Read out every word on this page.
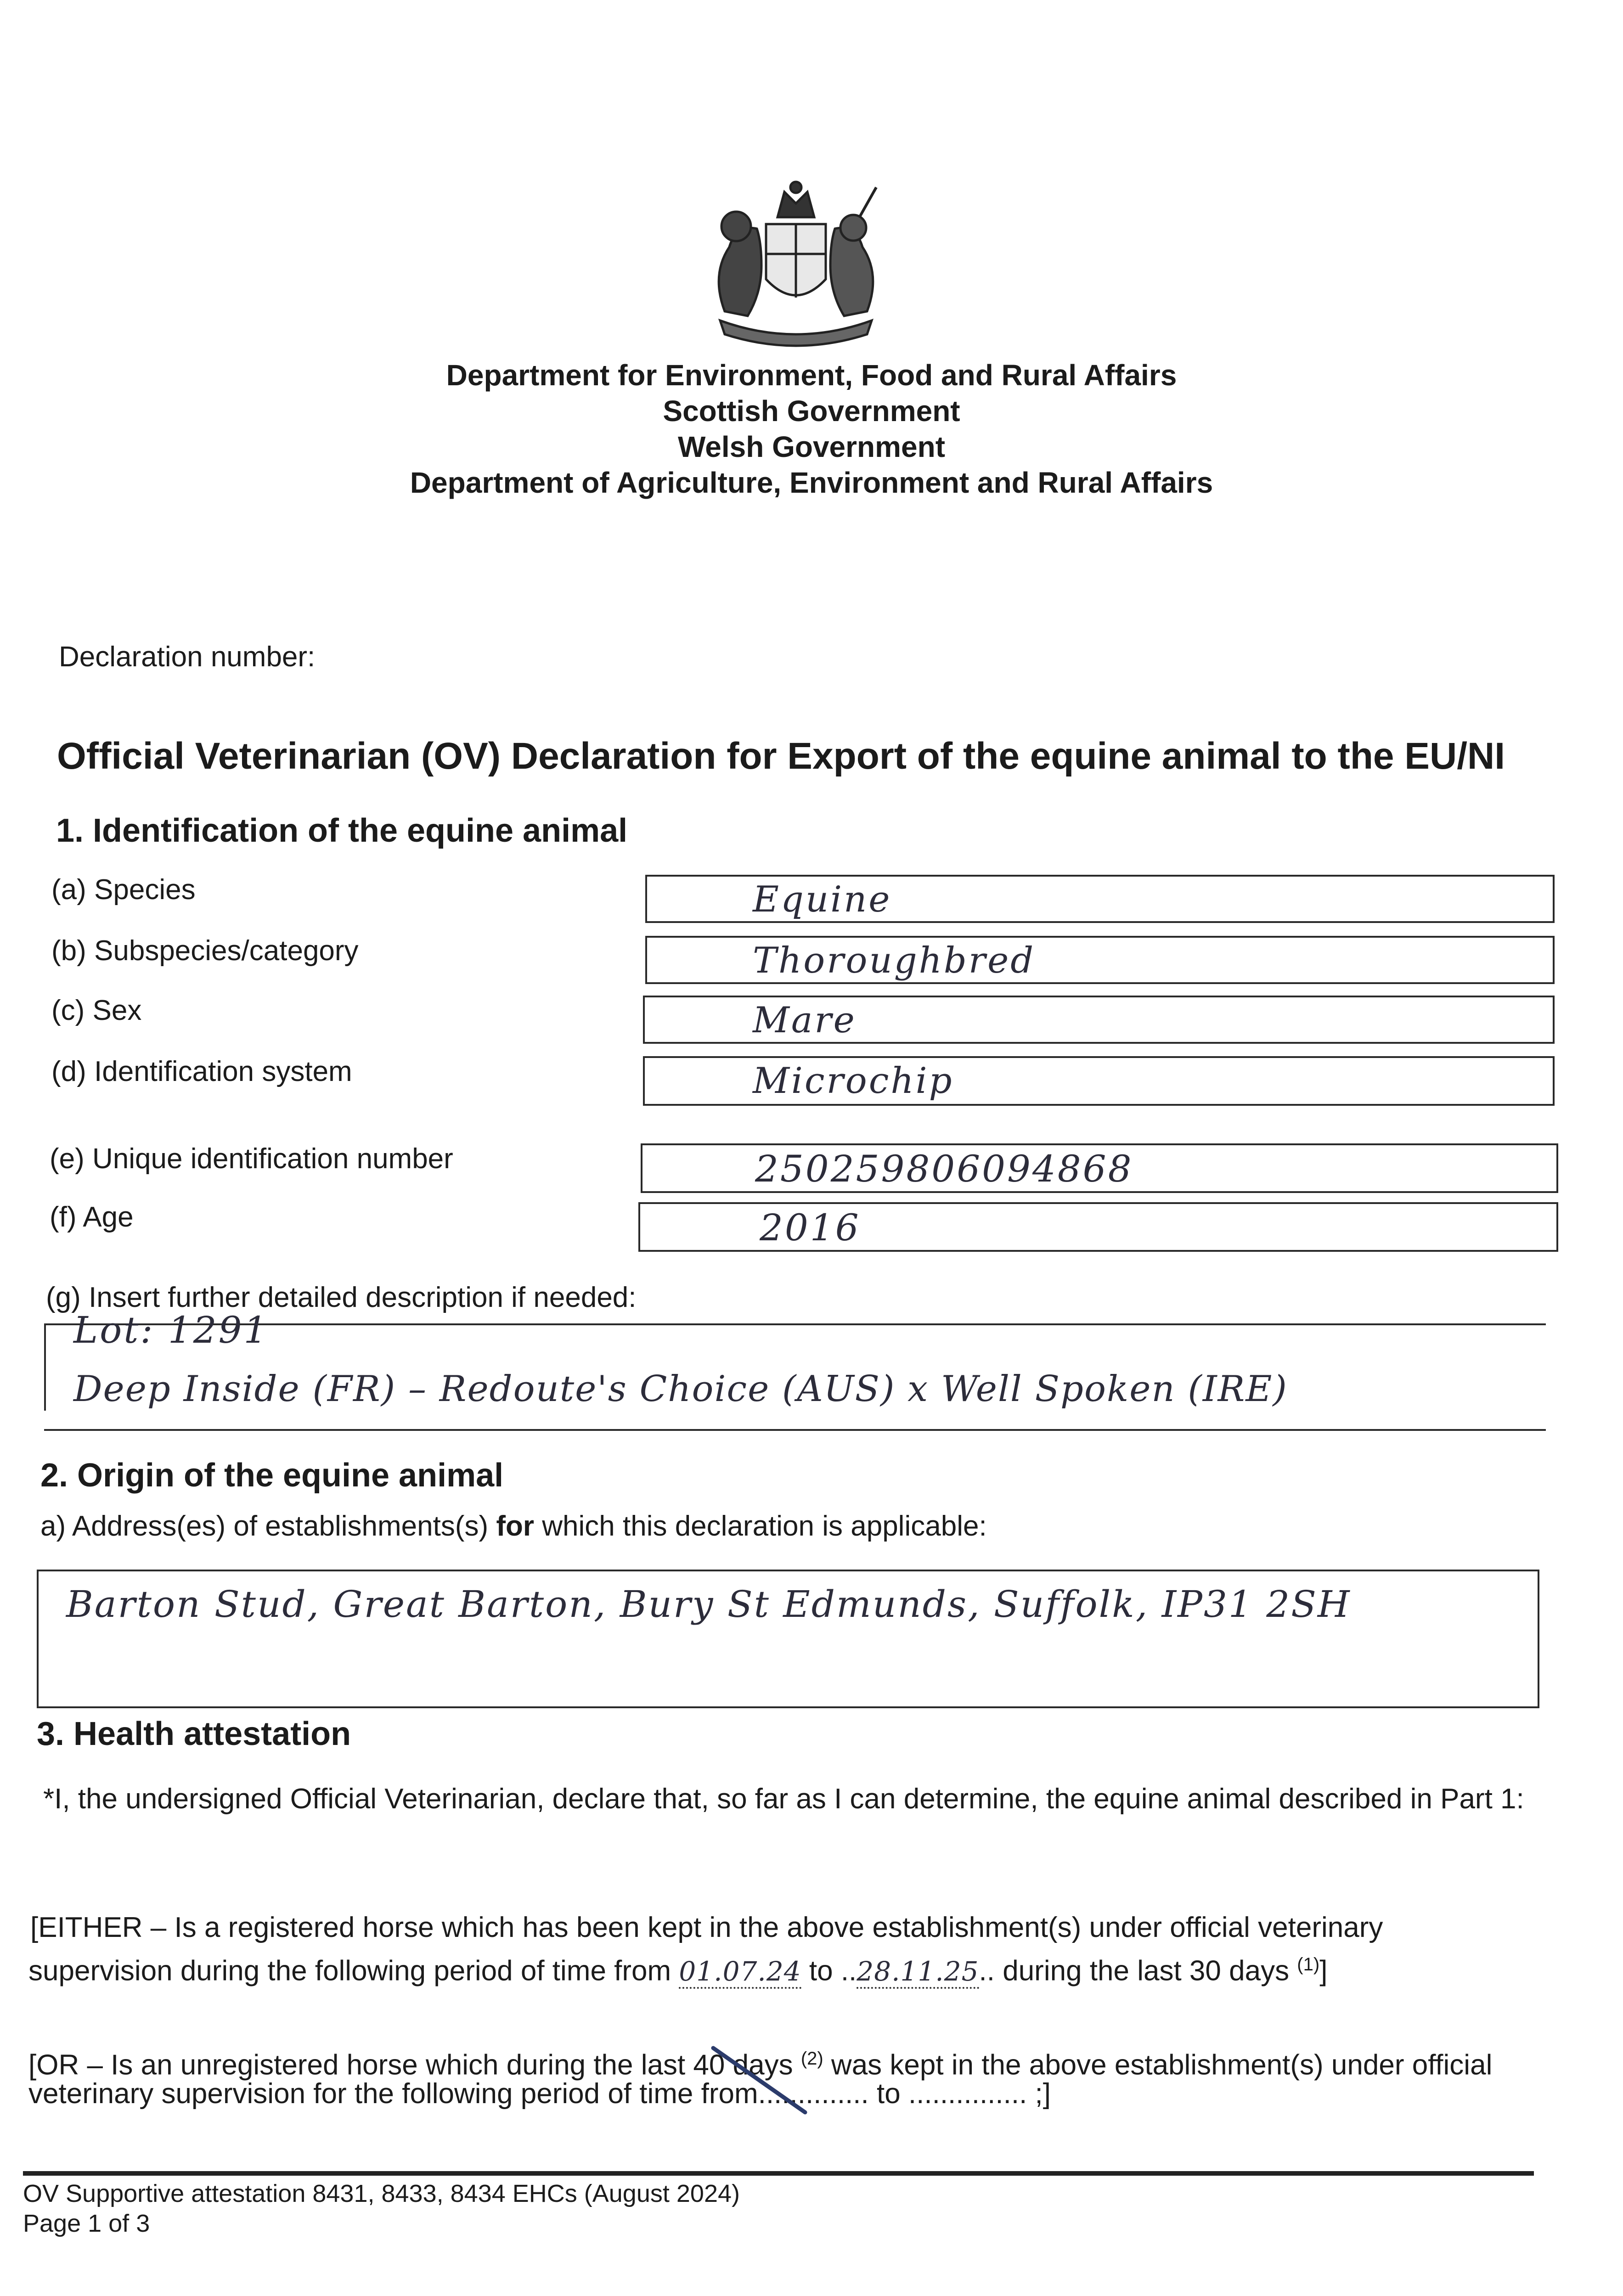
Department for Environment, Food and Rural Affairs
Scottish Government
Welsh Government
Department of Agriculture, Environment and Rural Affairs
Declaration number:
Official Veterinarian (OV) Declaration for Export of the equine animal to the EU/NI
1. Identification of the equine animal
(a) Species	Equine
(b) Subspecies/category	Thoroughbred
(c) Sex	Mare
(d) Identification system	Microchip
(e) Unique identification number	250259806094868
(f) Age	2016
(g) Insert further detailed description if needed:
Lot: 1291
Deep Inside (FR) – Redoute's Choice (AUS) x Well Spoken (IRE)
2. Origin of the equine animal
a) Address(es) of establishments(s) for which this declaration is applicable:
Barton Stud, Great Barton, Bury St Edmunds, Suffolk, IP31 2SH
3. Health attestation
*I, the undersigned Official Veterinarian, declare that, so far as I can determine, the equine animal described in Part 1:
[EITHER – Is a registered horse which has been kept in the above establishment(s) under official veterinary
supervision during the following period of time from 01.07.24 to ..28.11.25.. during the last 30 days $^{(1)}$]
[OR – Is an unregistered horse which during the last 40 days $^{(2)}$ was kept in the above establishment(s) under official
veterinary supervision for the following period of time from.............. to ............... ;]
OV Supportive attestation 8431, 8433, 8434 EHCs (August 2024)
Page 1 of 3
